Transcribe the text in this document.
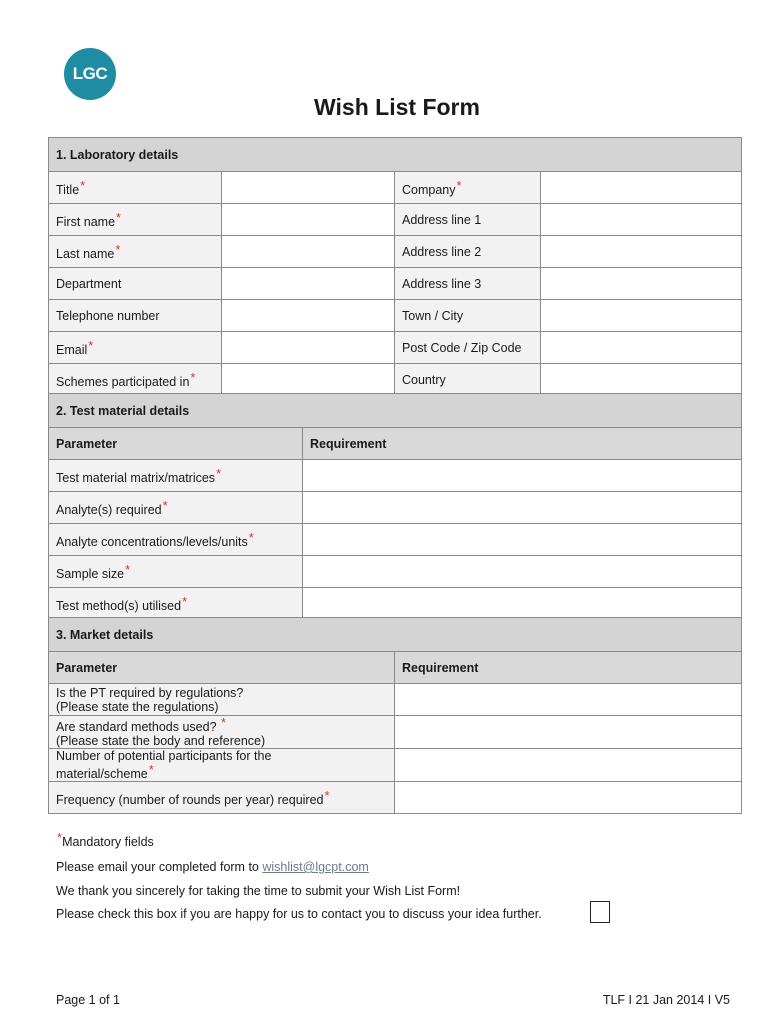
LGC
Wish List Form
1. Laboratory details			
Title*		Company*	
First name*		Address line 1	
Last name*		Address line 2	
Department		Address line 3	
Telephone number		Town / City	
Email*		Post Code / Zip Code	
Schemes participated in*		Country	
2. Test material details	
Parameter	Requirement
Test material matrix/matrices*	
Analyte(s) required*	
Analyte concentrations/levels/units*	
Sample size*	
Test method(s) utilised*	
3. Market details	
Parameter	Requirement
Is the PT required by regulations?
(Please state the regulations)	
Are standard methods used? *
(Please state the body and reference)	
Number of potential participants for the
material/scheme*	
Frequency (number of rounds per year) required*	
*Mandatory fields
Please email your completed form to wishlist@lgcpt.com
We thank you sincerely for taking the time to submit your Wish List Form!
Please check this box if you are happy for us to contact you to discuss your idea further.
Page 1 of 1	TLF I 21 Jan 2014 I V5
